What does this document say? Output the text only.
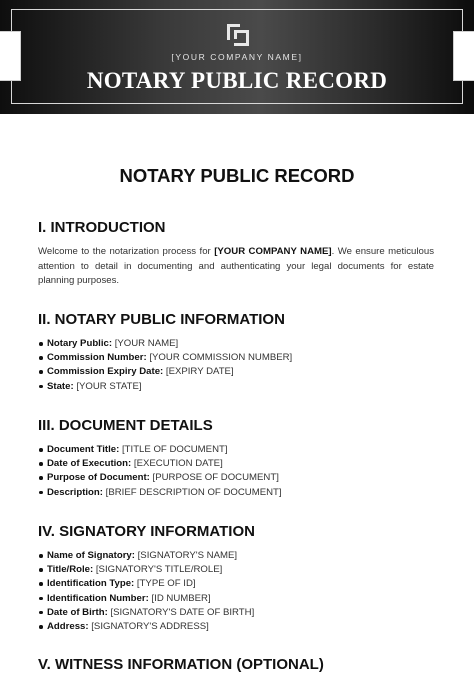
[YOUR COMPANY NAME]
NOTARY PUBLIC RECORD
NOTARY PUBLIC RECORD
I. INTRODUCTION

Welcome to the notarization process for [YOUR COMPANY NAME]. We ensure meticulous attention to detail in documenting and authenticating your legal documents for estate planning purposes.

II. NOTARY PUBLIC INFORMATION
Notary Public: [YOUR NAME]
Commission Number: [YOUR COMMISSION NUMBER]
Commission Expiry Date: [EXPIRY DATE]
State: [YOUR STATE]
III. DOCUMENT DETAILS
Document Title: [TITLE OF DOCUMENT]
Date of Execution: [EXECUTION DATE]
Purpose of Document: [PURPOSE OF DOCUMENT]
Description: [BRIEF DESCRIPTION OF DOCUMENT]
IV. SIGNATORY INFORMATION
Name of Signatory: [SIGNATORY'S NAME]
Title/Role: [SIGNATORY'S TITLE/ROLE]
Identification Type: [TYPE OF ID]
Identification Number: [ID NUMBER]
Date of Birth: [SIGNATORY'S DATE OF BIRTH]
Address: [SIGNATORY'S ADDRESS]
V. WITNESS INFORMATION (OPTIONAL)
